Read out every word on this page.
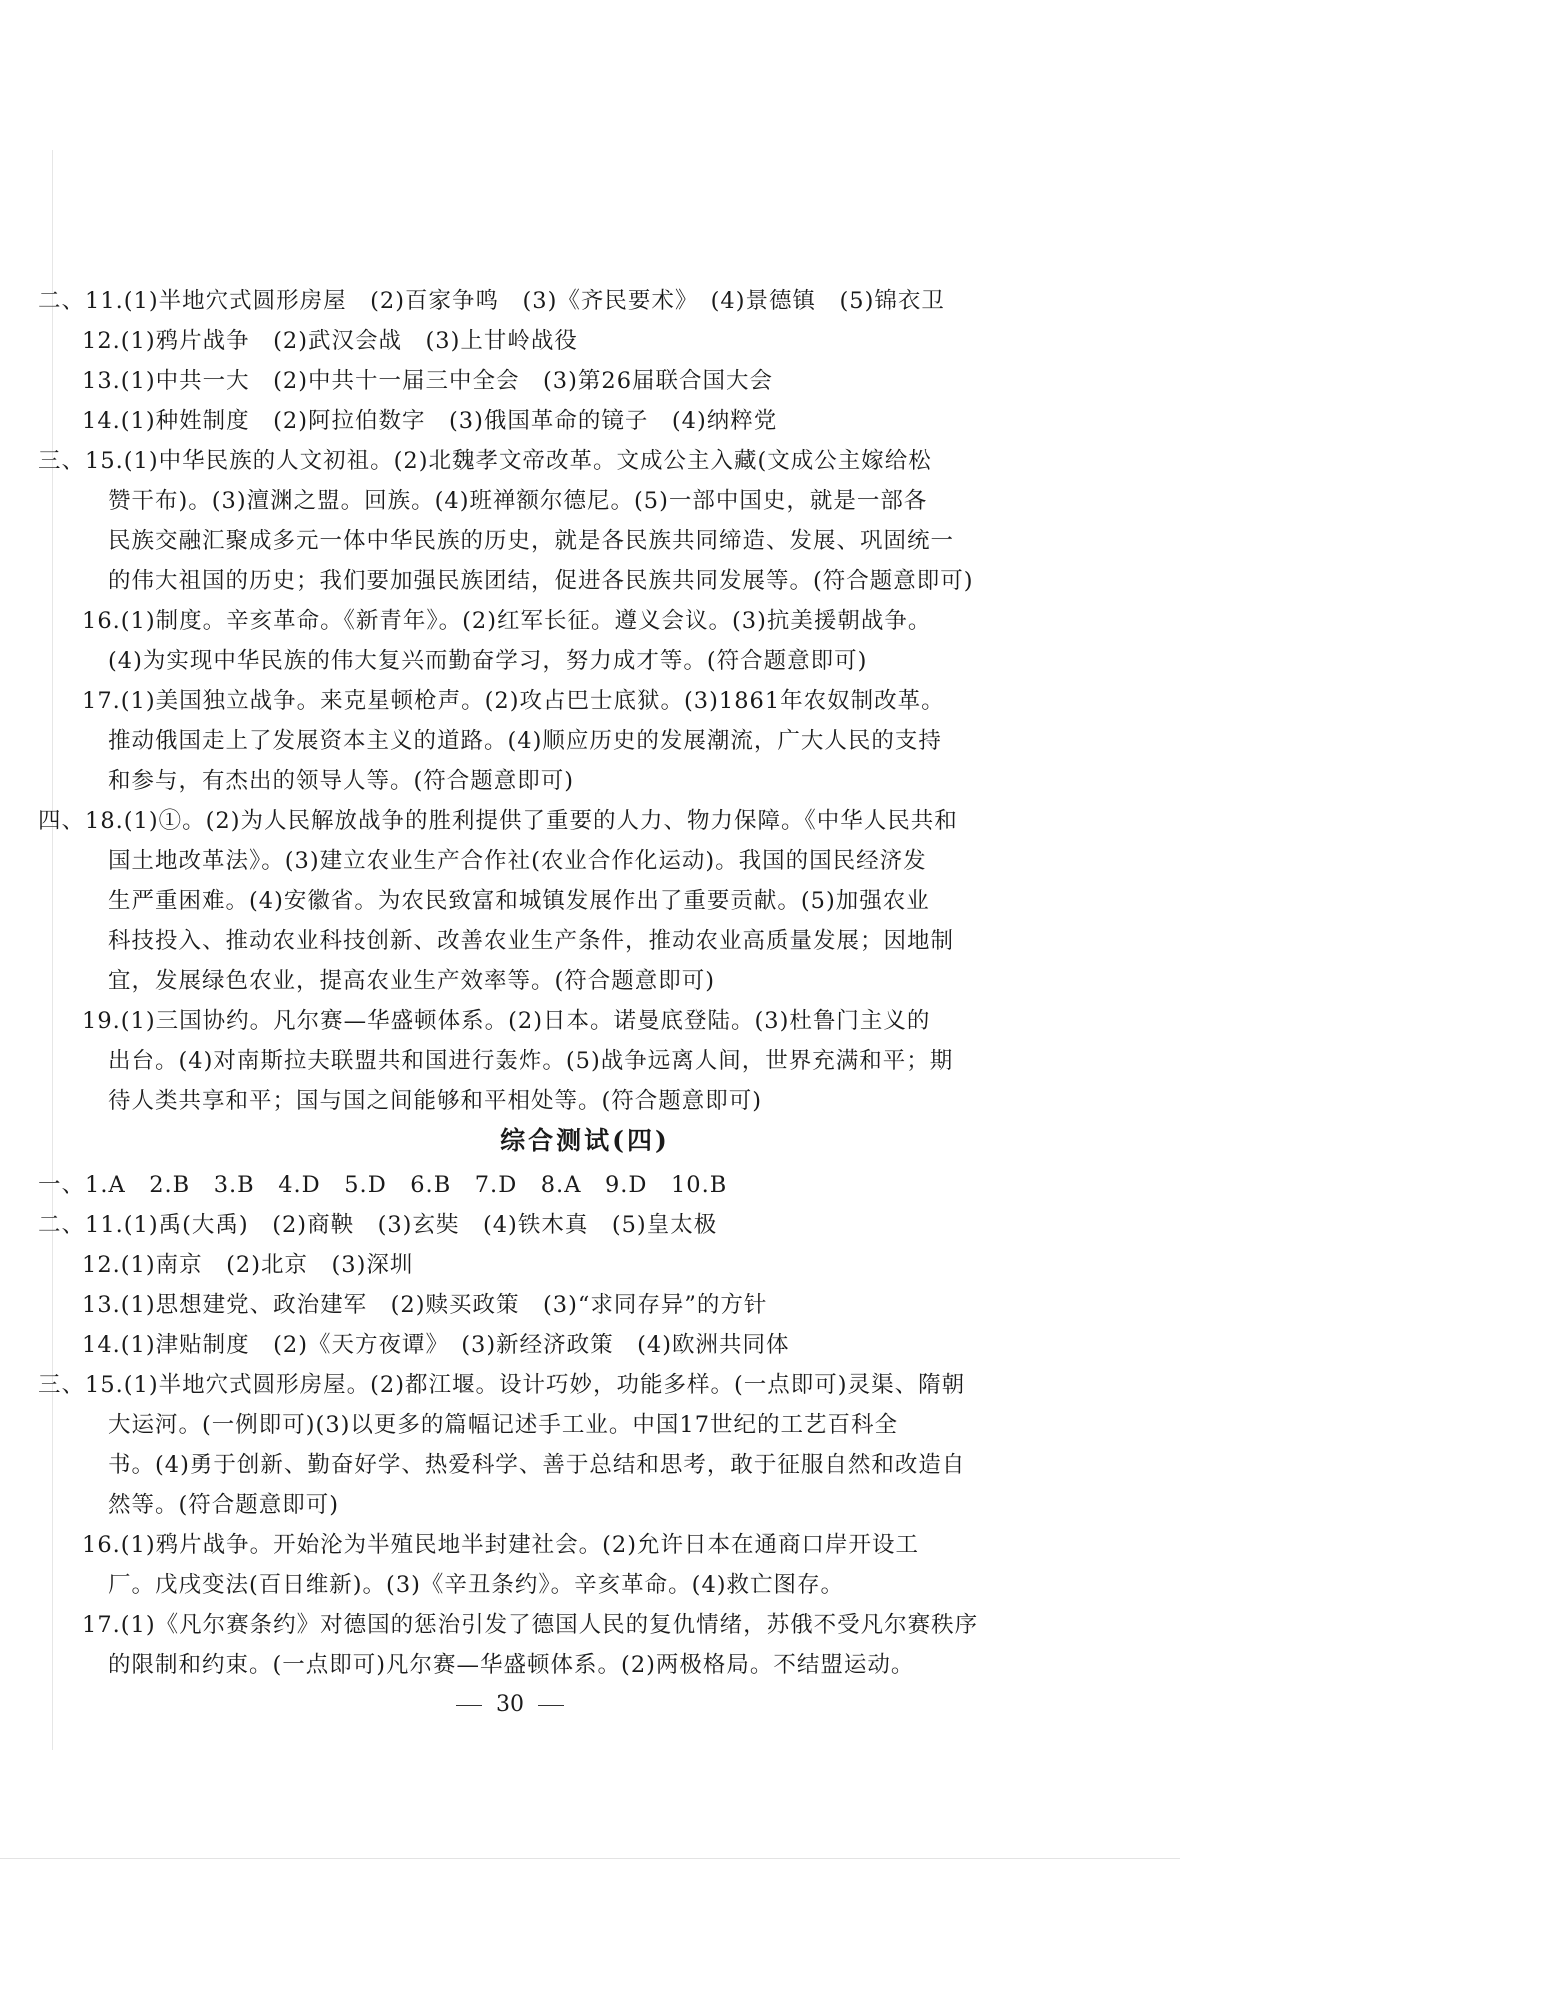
二、11.(1)半地穴式圆形房屋　(2)百家争鸣　(3)《齐民要术》　(4)景德镇　(5)锦衣卫
12.(1)鸦片战争　(2)武汉会战　(3)上甘岭战役
13.(1)中共一大　(2)中共十一届三中全会　(3)第26届联合国大会
14.(1)种姓制度　(2)阿拉伯数字　(3)俄国革命的镜子　(4)纳粹党
三、15.(1)中华民族的人文初祖。(2)北魏孝文帝改革。文成公主入藏(文成公主嫁给松
赞干布)。(3)澶渊之盟。回族。(4)班禅额尔德尼。(5)一部中国史，就是一部各
民族交融汇聚成多元一体中华民族的历史，就是各民族共同缔造、发展、巩固统一
的伟大祖国的历史；我们要加强民族团结，促进各民族共同发展等。(符合题意即可)
16.(1)制度。辛亥革命。《新青年》。(2)红军长征。遵义会议。(3)抗美援朝战争。
(4)为实现中华民族的伟大复兴而勤奋学习，努力成才等。(符合题意即可)
17.(1)美国独立战争。来克星顿枪声。(2)攻占巴士底狱。(3)1861年农奴制改革。
推动俄国走上了发展资本主义的道路。(4)顺应历史的发展潮流，广大人民的支持
和参与，有杰出的领导人等。(符合题意即可)
四、18.(1)①。(2)为人民解放战争的胜利提供了重要的人力、物力保障。《中华人民共和
国土地改革法》。(3)建立农业生产合作社(农业合作化运动)。我国的国民经济发
生严重困难。(4)安徽省。为农民致富和城镇发展作出了重要贡献。(5)加强农业
科技投入、推动农业科技创新、改善农业生产条件，推动农业高质量发展；因地制
宜，发展绿色农业，提高农业生产效率等。(符合题意即可)
19.(1)三国协约。凡尔赛—华盛顿体系。(2)日本。诺曼底登陆。(3)杜鲁门主义的
出台。(4)对南斯拉夫联盟共和国进行轰炸。(5)战争远离人间，世界充满和平；期
待人类共享和平；国与国之间能够和平相处等。(符合题意即可)
综合测试(四)
一、1.A　2.B　3.B　4.D　5.D　6.B　7.D　8.A　9.D　10.B
二、11.(1)禹(大禹)　(2)商鞅　(3)玄奘　(4)铁木真　(5)皇太极
12.(1)南京　(2)北京　(3)深圳
13.(1)思想建党、政治建军　(2)赎买政策　(3)“求同存异”的方针
14.(1)津贴制度　(2)《天方夜谭》　(3)新经济政策　(4)欧洲共同体
三、15.(1)半地穴式圆形房屋。(2)都江堰。设计巧妙，功能多样。(一点即可)灵渠、隋朝
大运河。(一例即可)(3)以更多的篇幅记述手工业。中国17世纪的工艺百科全
书。(4)勇于创新、勤奋好学、热爱科学、善于总结和思考，敢于征服自然和改造自
然等。(符合题意即可)
16.(1)鸦片战争。开始沦为半殖民地半封建社会。(2)允许日本在通商口岸开设工
厂。戊戌变法(百日维新)。(3)《辛丑条约》。辛亥革命。(4)救亡图存。
17.(1)《凡尔赛条约》对德国的惩治引发了德国人民的复仇情绪，苏俄不受凡尔赛秩序
的限制和约束。(一点即可)凡尔赛—华盛顿体系。(2)两极格局。不结盟运动。
30
